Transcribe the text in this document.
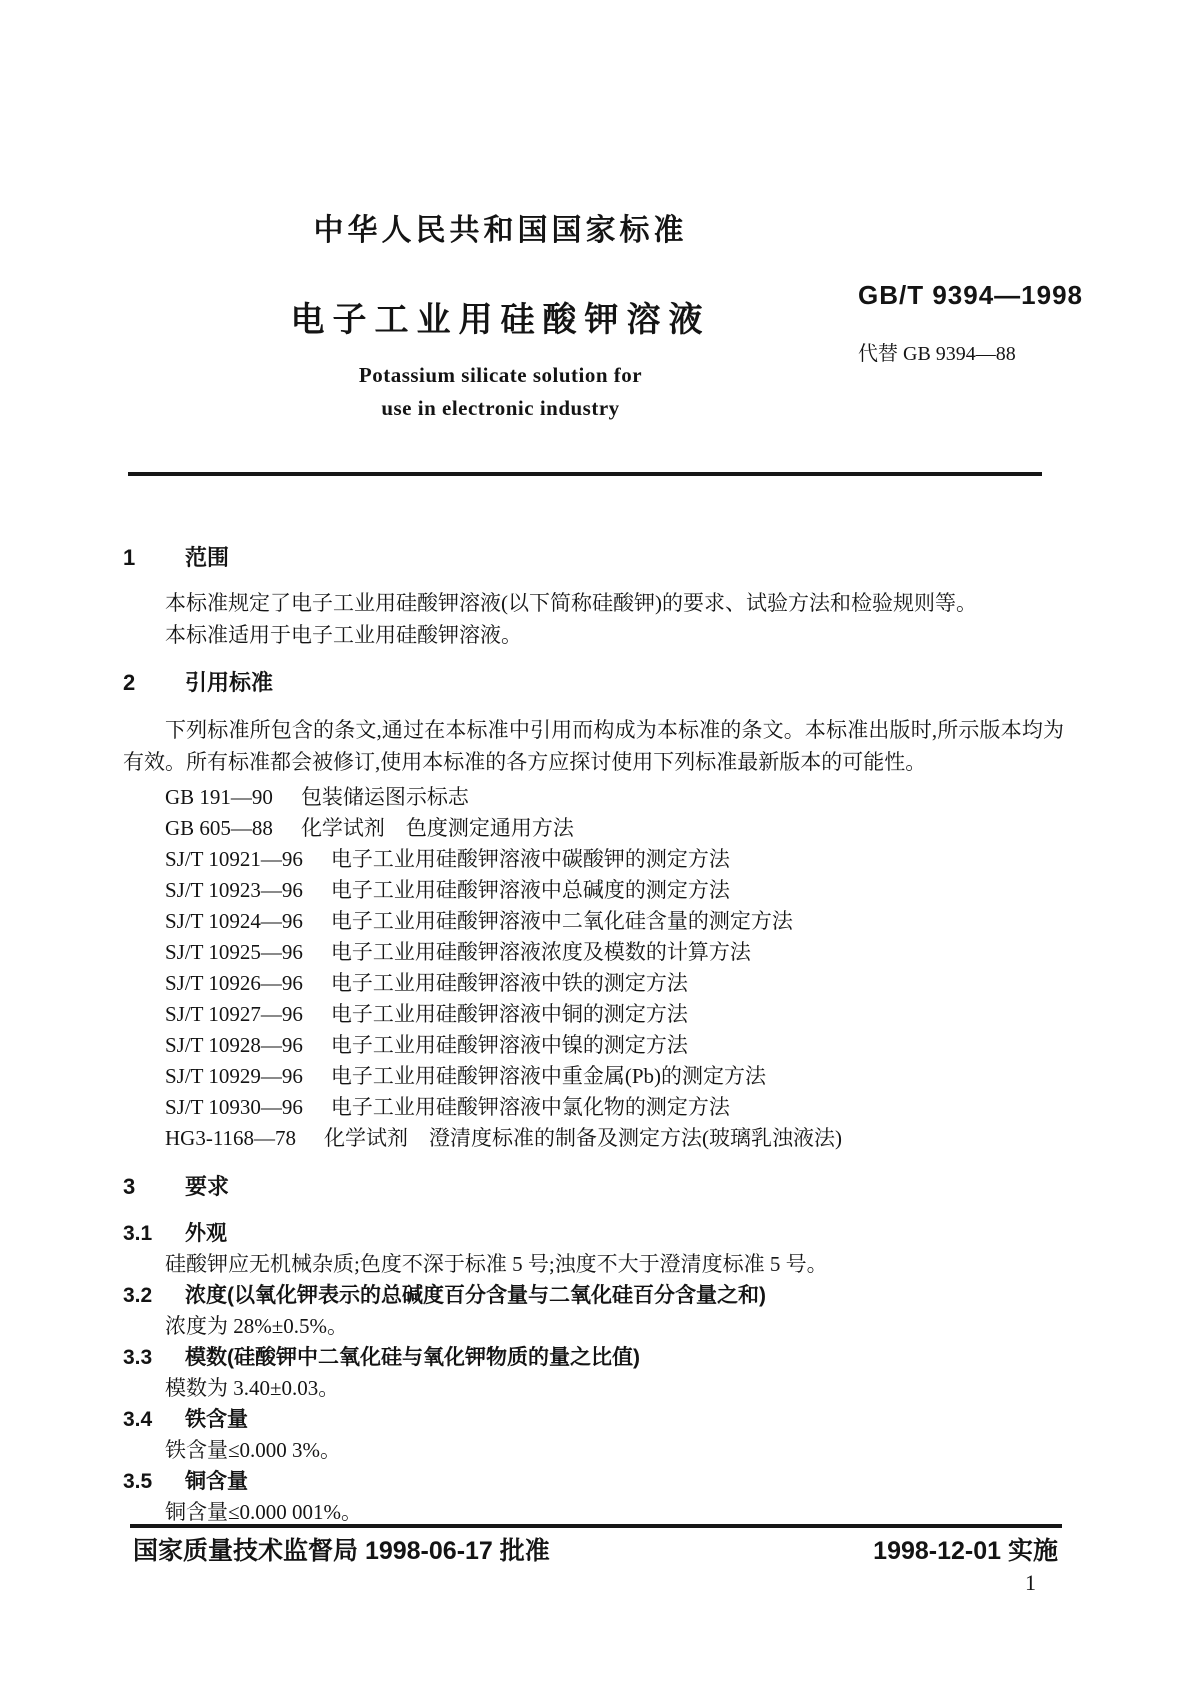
中华人民共和国国家标准
电子工业用硅酸钾溶液
GB/T 9394—1998
代替 GB 9394—88
Potassium silicate solution for
use in electronic industry
1 范围

本标准规定了电子工业用硅酸钾溶液(以下简称硅酸钾)的要求、试验方法和检验规则等。

本标准适用于电子工业用硅酸钾溶液。

2 引用标准

下列标准所包含的条文,通过在本标准中引用而构成为本标准的条文。本标准出版时,所示版本均为有效。所有标准都会被修订,使用本标准的各方应探讨使用下列标准最新版本的可能性。

GB 191—90 包装储运图示标志
GB 605—88 化学试剂　色度测定通用方法
SJ/T 10921—96 电子工业用硅酸钾溶液中碳酸钾的测定方法
SJ/T 10923—96 电子工业用硅酸钾溶液中总碱度的测定方法
SJ/T 10924—96 电子工业用硅酸钾溶液中二氧化硅含量的测定方法
SJ/T 10925—96 电子工业用硅酸钾溶液浓度及模数的计算方法
SJ/T 10926—96 电子工业用硅酸钾溶液中铁的测定方法
SJ/T 10927—96 电子工业用硅酸钾溶液中铜的测定方法
SJ/T 10928—96 电子工业用硅酸钾溶液中镍的测定方法
SJ/T 10929—96 电子工业用硅酸钾溶液中重金属(Pb)的测定方法
SJ/T 10930—96 电子工业用硅酸钾溶液中氯化物的测定方法
HG3-1168—78 化学试剂　澄清度标准的制备及测定方法(玻璃乳浊液法)
3 要求
3.1 外观

硅酸钾应无机械杂质;色度不深于标准 5 号;浊度不大于澄清度标准 5 号。

3.2 浓度(以氧化钾表示的总碱度百分含量与二氧化硅百分含量之和)

浓度为 28%±0.5%。

3.3 模数(硅酸钾中二氧化硅与氧化钾物质的量之比值)

模数为 3.40±0.03。

3.4 铁含量

铁含量≤0.000 3%。

3.5 铜含量

铜含量≤0.000 001%。

国家质量技术监督局 1998-06-17 批准	1998-12-01 实施
1
